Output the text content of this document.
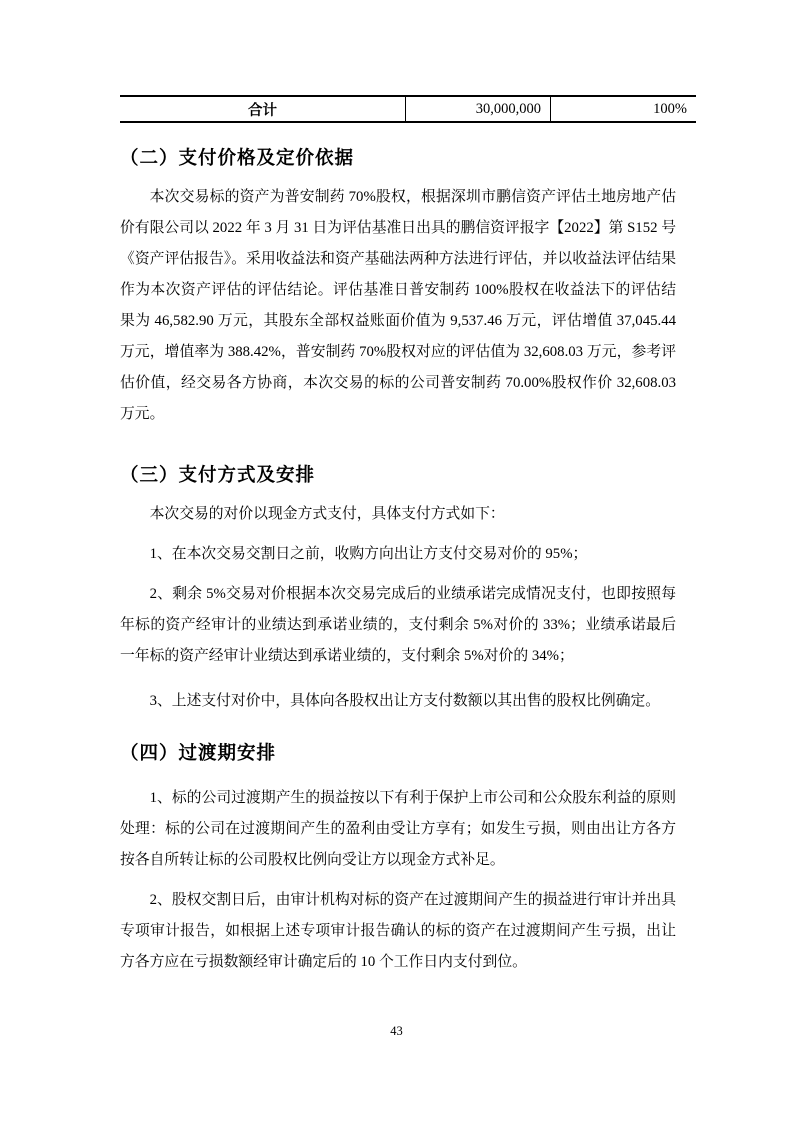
合计	30,000,000	100%
（二）支付价格及定价依据

本次交易标的资产为普安制药 70%股权，根据深圳市鹏信资产评估土地房地产估价有限公司以 2022 年 3 月 31 日为评估基准日出具的鹏信资评报字【2022】第 S152 号《资产评估报告》。采用收益法和资产基础法两种方法进行评估，并以收益法评估结果作为本次资产评估的评估结论。评估基准日普安制药 100%股权在收益法下的评估结果为 46,582.90 万元，其股东全部权益账面价值为 9,537.46 万元，评估增值 37,045.44 万元，增值率为 388.42%，普安制药 70%股权对应的评估值为 32,608.03 万元，参考评估价值，经交易各方协商，本次交易的标的公司普安制药 70.00%股权作价 32,608.03 万元。

（三）支付方式及安排

本次交易的对价以现金方式支付，具体支付方式如下：

1、在本次交易交割日之前，收购方向出让方支付交易对价的 95%；

2、剩余 5%交易对价根据本次交易完成后的业绩承诺完成情况支付，也即按照每年标的资产经审计的业绩达到承诺业绩的，支付剩余 5%对价的 33%；业绩承诺最后一年标的资产经审计业绩达到承诺业绩的，支付剩余 5%对价的 34%；

3、上述支付对价中，具体向各股权出让方支付数额以其出售的股权比例确定。

（四）过渡期安排

1、标的公司过渡期产生的损益按以下有利于保护上市公司和公众股东利益的原则处理：标的公司在过渡期间产生的盈利由受让方享有；如发生亏损，则由出让方各方按各自所转让标的公司股权比例向受让方以现金方式补足。

2、股权交割日后，由审计机构对标的资产在过渡期间产生的损益进行审计并出具专项审计报告，如根据上述专项审计报告确认的标的资产在过渡期间产生亏损，出让方各方应在亏损数额经审计确定后的 10 个工作日内支付到位。

43
